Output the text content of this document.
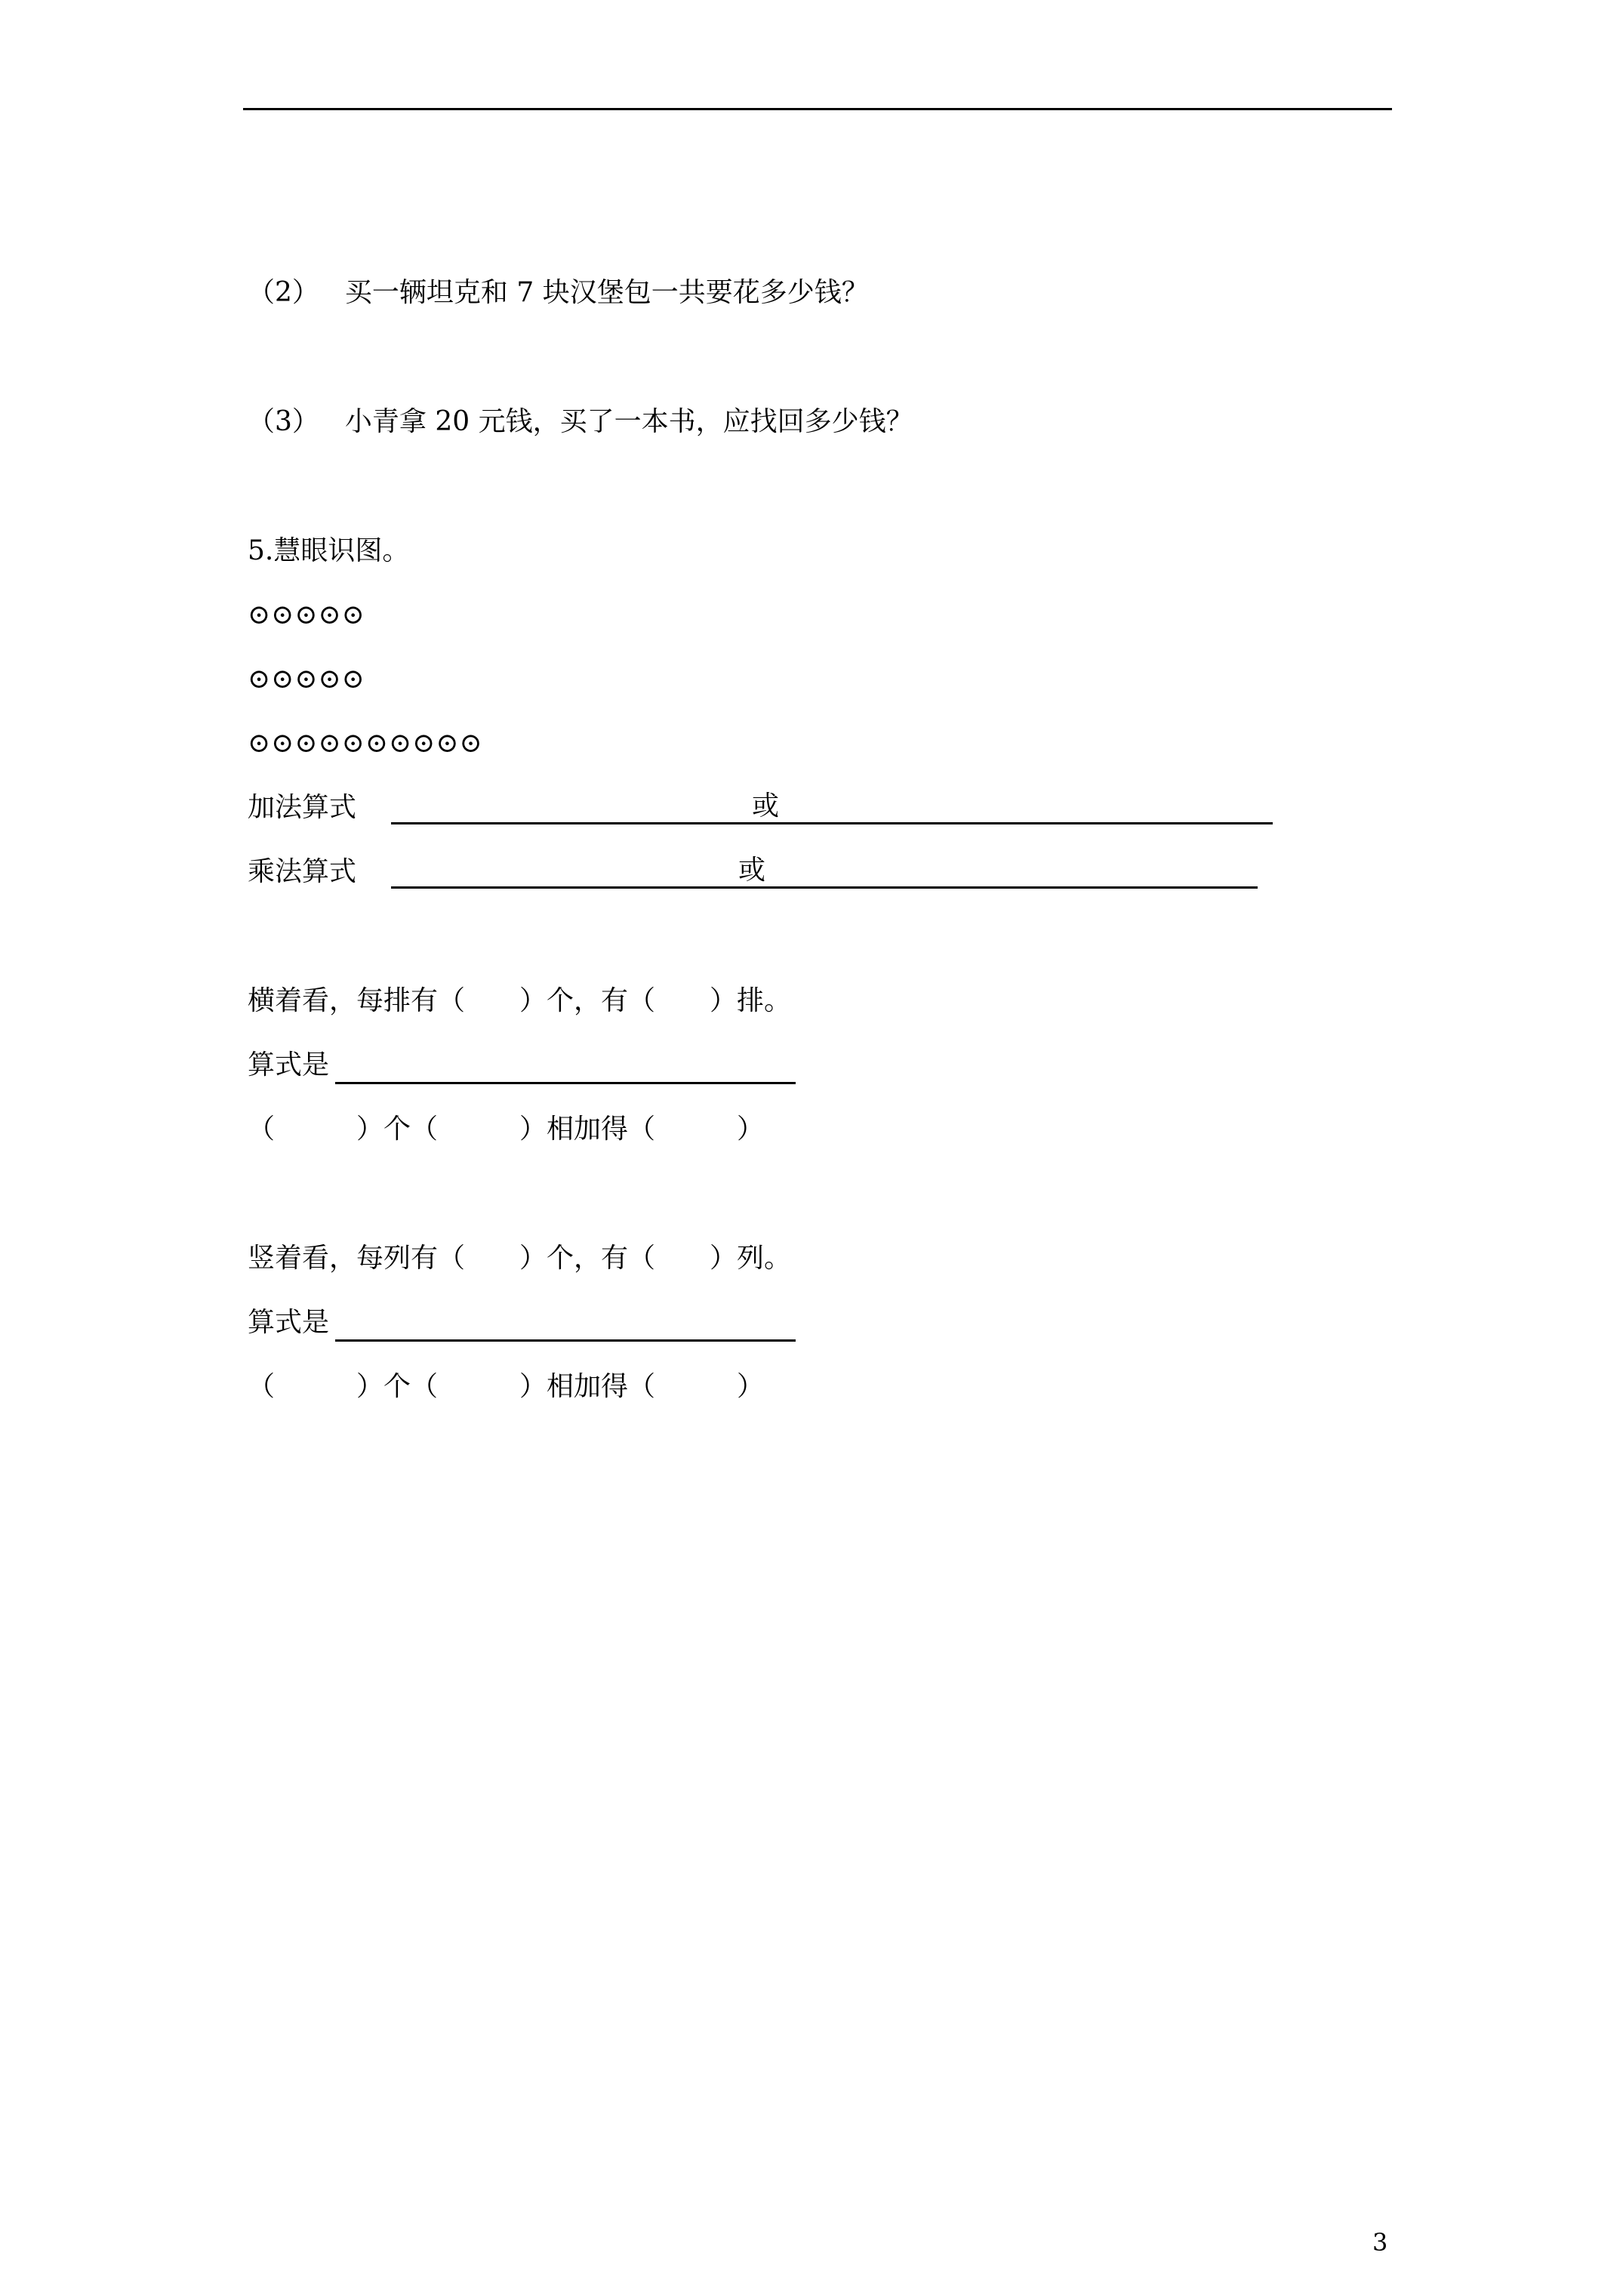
（2） 买一辆坦克和 7 块汉堡包一共要花多少钱？
（3） 小青拿 20 元钱，买了一本书，应找回多少钱？
5.慧眼识图。
⊙⊙⊙⊙⊙
⊙⊙⊙⊙⊙
⊙⊙⊙⊙⊙⊙⊙⊙⊙⊙
加法算式	或
乘法算式	或
横着看，每排有（　　）个，有（　　）排。
算式是
（　　　）个（　　　）相加得（　　　）
竖着看，每列有（　　）个，有（　　）列。
算式是
（　　　）个（　　　）相加得（　　　）
3
